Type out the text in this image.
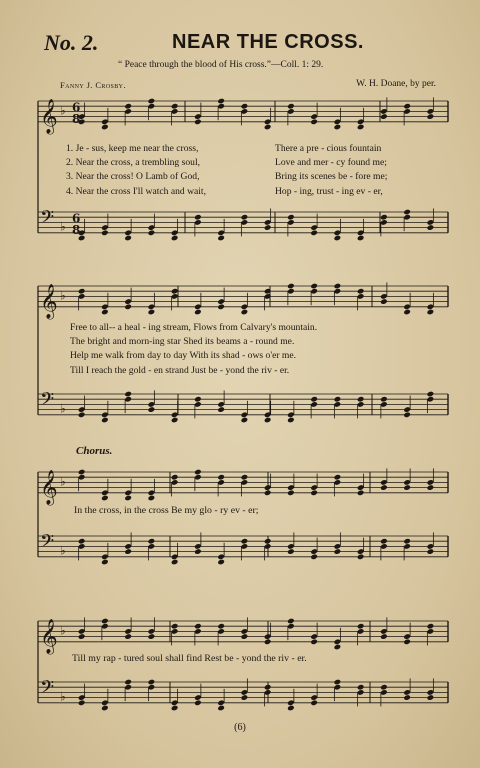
No. 2.	NEAR THE CROSS.
“ Peace through the blood of His cross.”—Coll. 1: 29.
Fanny J. Crosby.	W. H. Doane, by per.
𝄞 ♭
𝄢 ♭
6
8
6
8
𝄞 ♭
𝄢 ♭
𝄞 ♭
𝄢 ♭
𝄞 ♭
𝄢 ♭
1. Je - sus, keep me near the cross,
2. Near the cross, a trembling soul,
3. Near the cross! O Lamb of God,
4. Near the cross I'll watch and wait,
There a pre - cious fountain
Love and mer - cy found me;
Bring its scenes be - fore me;
Hop - ing, trust - ing ev - er,
Free to all-- a heal - ing stream, Flows from Calvary's mountain.
The bright and morn-ing star Shed its beams a - round me.
Help me walk from day to day With its shad - ows o'er me.
Till I reach the gold - en strand Just be - yond the riv - er.
Chorus.
In the cross, in the cross Be my glo - ry ev - er;
Till my rap - tured soul shall find Rest be - yond the riv - er.
(6)
